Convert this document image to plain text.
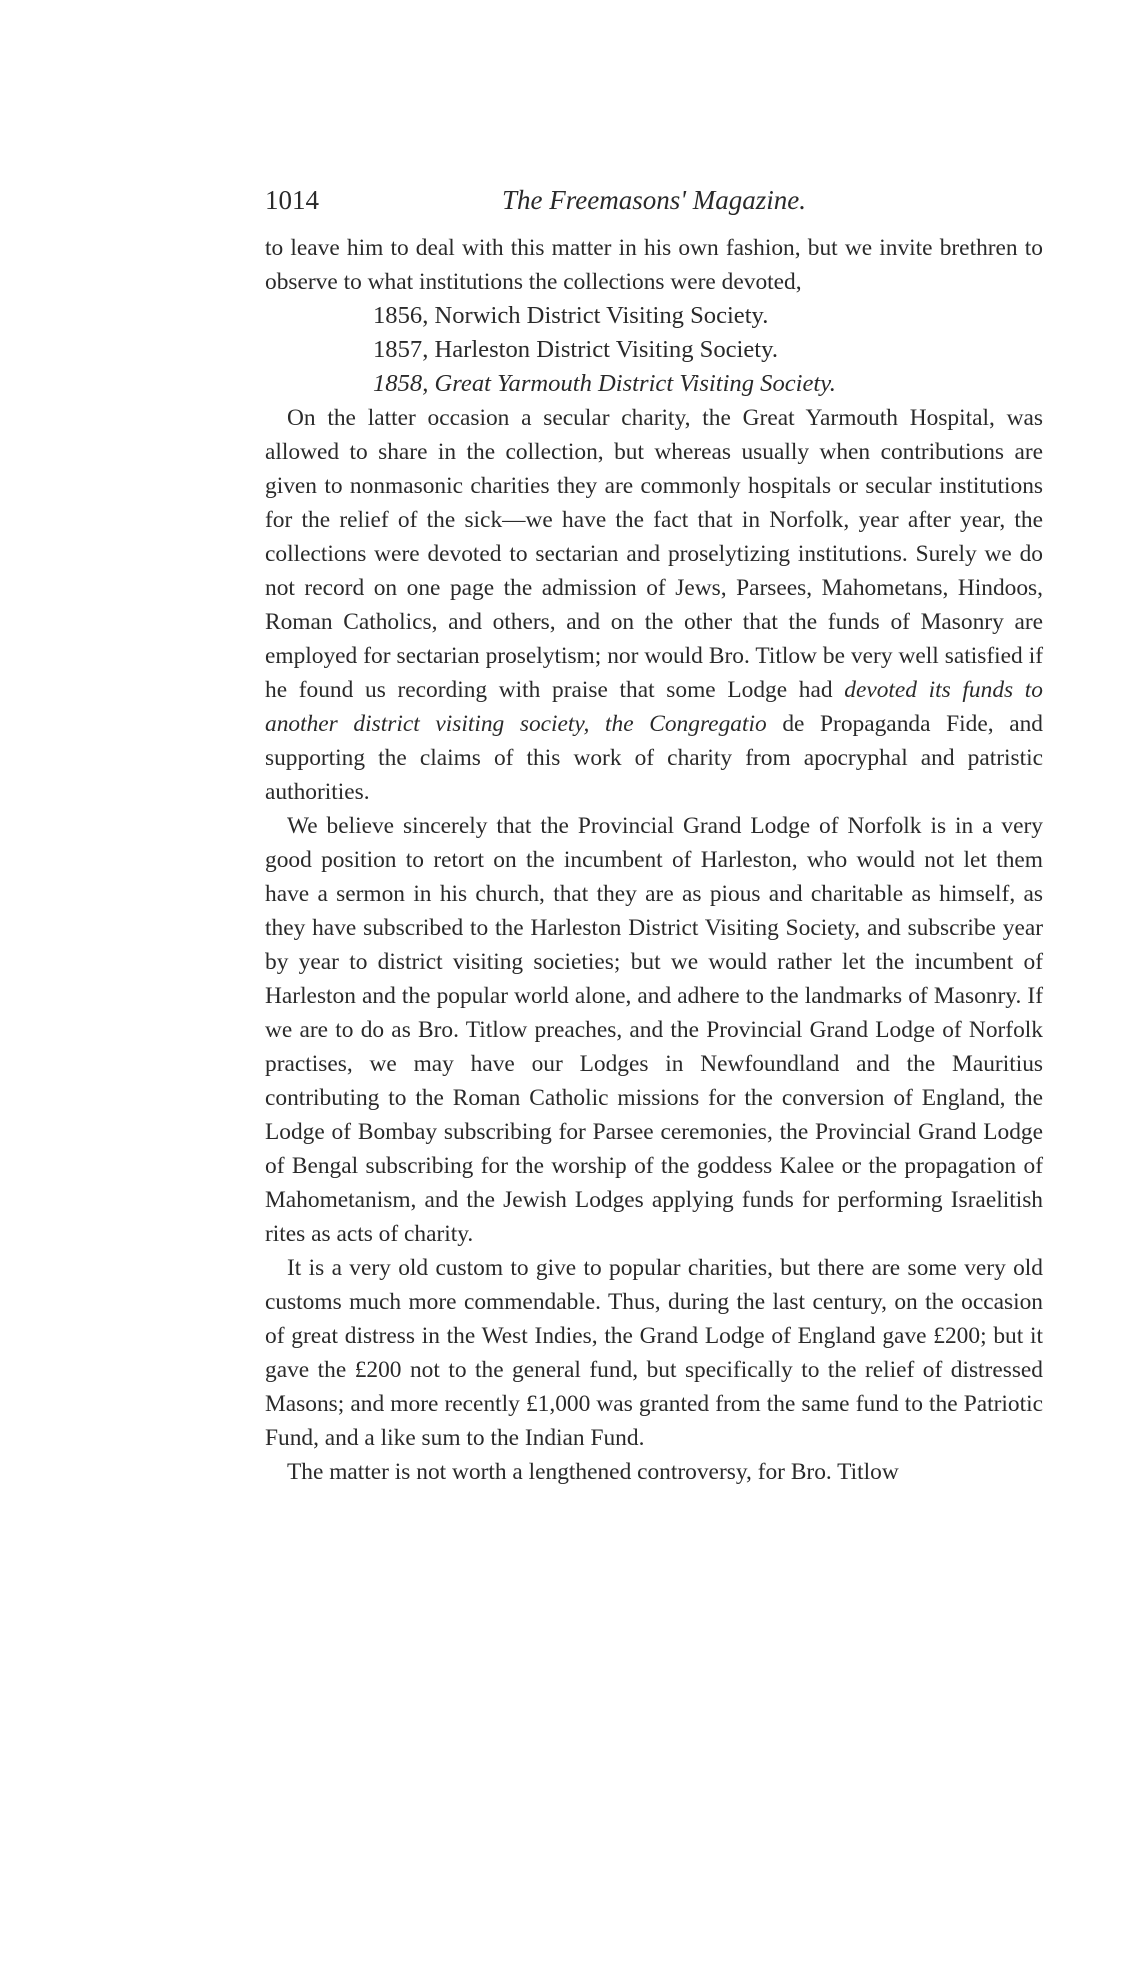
1014	The Freemasons' Magazine.

to leave him to deal with this matter in his own fashion, but we invite brethren to observe to what institutions the collections were devoted,

1856, Norwich District Visiting Society.
1857, Harleston District Visiting Society.
1858, Great Yarmouth District Visiting Society.

On the latter occasion a secular charity, the Great Yarmouth Hospital, was allowed to share in the collection, but whereas usually when contributions are given to nonmasonic charities they are commonly hospitals or secular institutions for the relief of the sick—we have the fact that in Norfolk, year after year, the collections were devoted to sectarian and proselytizing institutions. Surely we do not record on one page the admission of Jews, Parsees, Mahometans, Hindoos, Roman Catholics, and others, and on the other that the funds of Masonry are employed for sectarian proselytism; nor would Bro. Titlow be very well satisfied if he found us recording with praise that some Lodge had devoted its funds to another district visiting society, the Congregatio de Propaganda Fide, and supporting the claims of this work of charity from apocryphal and patristic authorities.

We believe sincerely that the Provincial Grand Lodge of Norfolk is in a very good position to retort on the incumbent of Harleston, who would not let them have a sermon in his church, that they are as pious and charitable as himself, as they have subscribed to the Harleston District Visiting Society, and subscribe year by year to district visiting societies; but we would rather let the incumbent of Harleston and the popular world alone, and adhere to the landmarks of Masonry. If we are to do as Bro. Titlow preaches, and the Provincial Grand Lodge of Norfolk practises, we may have our Lodges in Newfoundland and the Mauritius contributing to the Roman Catholic missions for the conversion of England, the Lodge of Bombay subscribing for Parsee ceremonies, the Provincial Grand Lodge of Bengal subscribing for the worship of the goddess Kalee or the propagation of Mahometanism, and the Jewish Lodges applying funds for performing Israelitish rites as acts of charity.

It is a very old custom to give to popular charities, but there are some very old customs much more commendable. Thus, during the last century, on the occasion of great distress in the West Indies, the Grand Lodge of England gave £200; but it gave the £200 not to the general fund, but specifically to the relief of distressed Masons; and more recently £1,000 was granted from the same fund to the Patriotic Fund, and a like sum to the Indian Fund.

The matter is not worth a lengthened controversy, for Bro. Titlow
